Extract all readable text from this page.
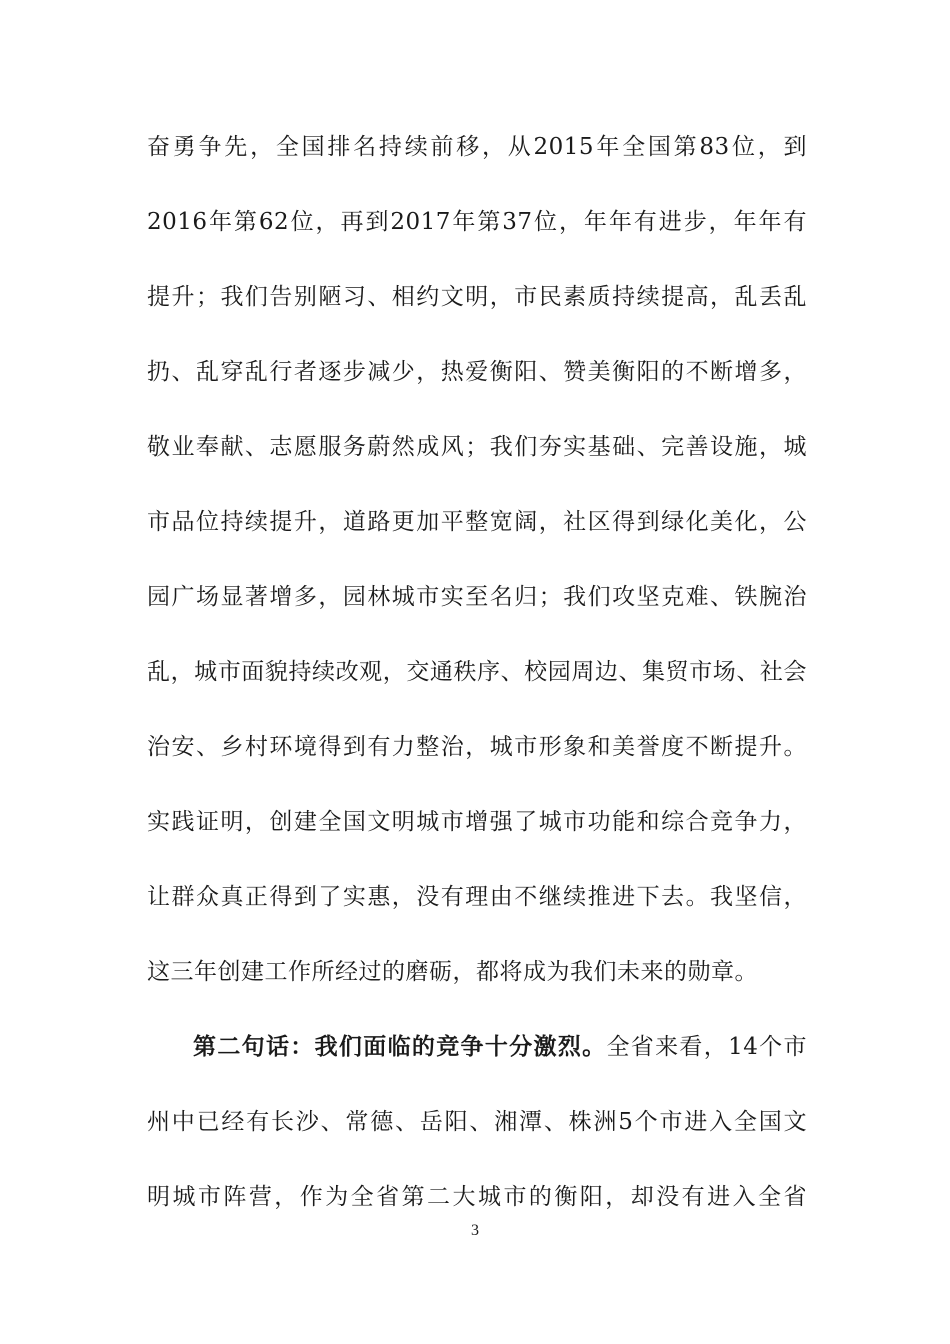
奋勇争先，全国排名持续前移，从2015年全国第83位，到
2016年第62位，再到2017年第37位，年年有进步，年年有
提升；我们告别陋习、相约文明，市民素质持续提高，乱丢乱
扔、乱穿乱行者逐步减少，热爱衡阳、赞美衡阳的不断增多，
敬业奉献、志愿服务蔚然成风；我们夯实基础、完善设施，城
市品位持续提升，道路更加平整宽阔，社区得到绿化美化，公
园广场显著增多，园林城市实至名归；我们攻坚克难、铁腕治
乱，城市面貌持续改观，交通秩序、校园周边、集贸市场、社会
治安、乡村环境得到有力整治，城市形象和美誉度不断提升。
实践证明，创建全国文明城市增强了城市功能和综合竞争力，
让群众真正得到了实惠，没有理由不继续推进下去。我坚信，
这三年创建工作所经过的磨砺，都将成为我们未来的勋章。
第二句话：我们面临的竞争十分激烈。全省来看，14个市
州中已经有长沙、常德、岳阳、湘潭、株洲5个市进入全国文
明城市阵营，作为全省第二大城市的衡阳，却没有进入全省
3
